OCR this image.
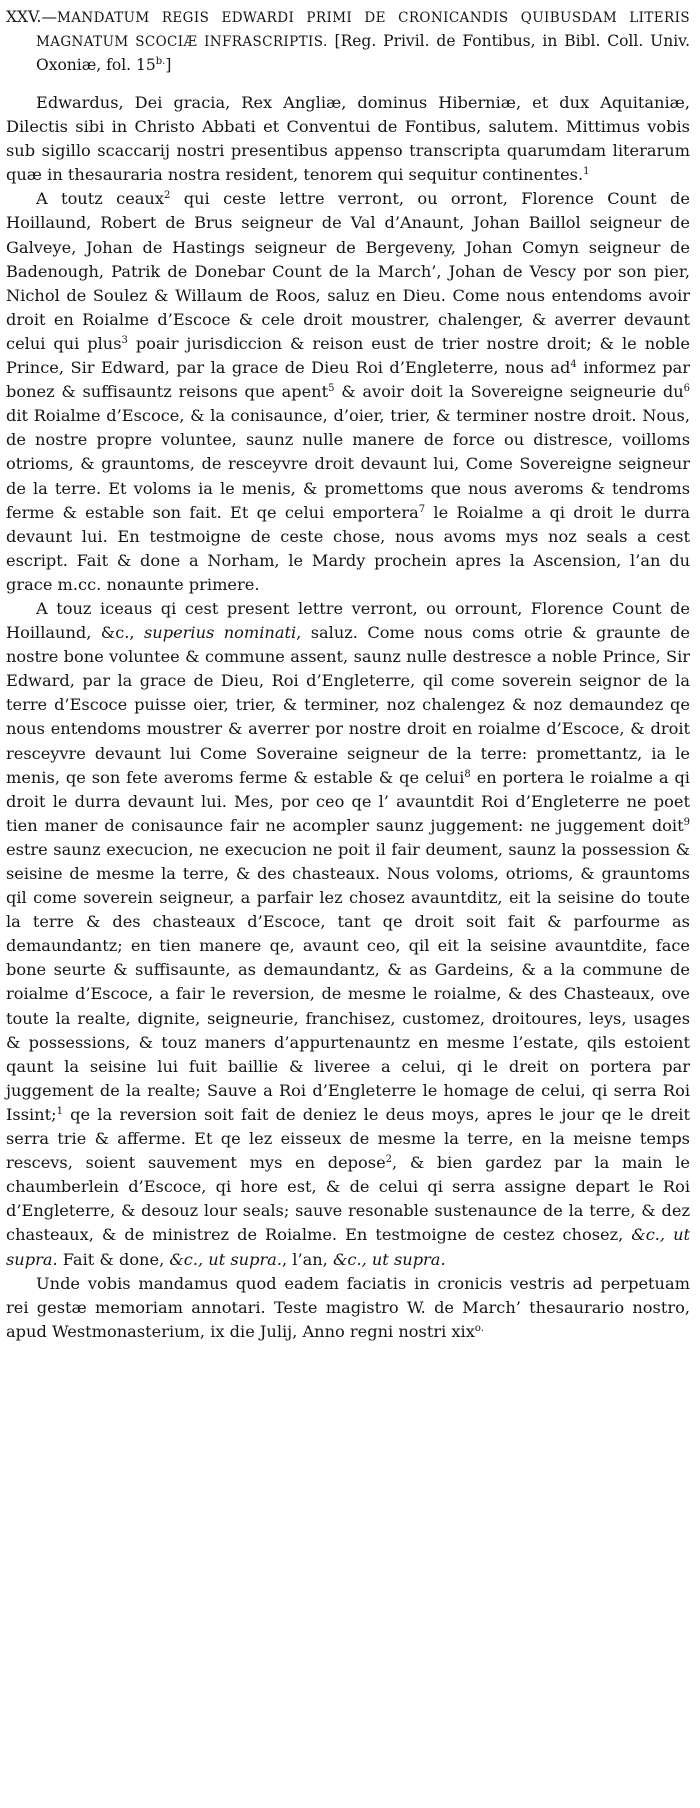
XXV.—MANDATUM REGIS EDWARDI PRIMI DE CRONICANDIS QUIBUSDAM LITERIS MAGNATUM SCOCIÆ INFRASCRIPTIS. [Reg. Privil. de Fontibus, in Bibl. Coll. Univ. Oxoniæ, fol. $15^{b.}$]

Edwardus, Dei gracia, Rex Angliæ, dominus Hiberniæ, et dux Aquitaniæ, Dilectis sibi in Christo Abbati et Conventui de Fontibus, salutem. Mittimus vobis sub sigillo scaccarij nostri presentibus appenso transcripta quarumdam literarum quæ in thesauraria nostra resident, tenorem qui sequitur continentes.$^1$

A toutz ceaux$^2$ qui ceste lettre verront, ou orront, Florence Count de Hoillaund, Robert de Brus seigneur de Val d’Anaunt, Johan Baillol seigneur de Galveye, Johan de Hastings seigneur de Bergeveny, Johan Comyn seigneur de Badenough, Patrik de Donebar Count de la March’, Johan de Vescy por son pier, Nichol de Soulez & Willaum de Roos, saluz en Dieu. Come nous entendoms avoir droit en Roialme d’Escoce & cele droit moustrer, chalenger, & averrer devaunt celui qui plus$^3$ poair jurisdiccion & reison eust de trier nostre droit; & le noble Prince, Sir Edward, par la grace de Dieu Roi d’Engleterre, nous $ad^4$ informez par bonez & suffisauntz reisons que apent$^5$ & avoir doit la Sovereigne seigneurie $du^6$ dit Roialme d’Escoce, & la conisaunce, d’oier, trier, & terminer nostre droit. Nous, de nostre propre voluntee, saunz nulle manere de force ou distresce, voilloms otrioms, & grauntoms, de resceyvre droit devaunt lui, Come Sovereigne seigneur de la terre. Et voloms ia le menis, & promettoms que nous averoms & tendroms ferme & estable son fait. Et qe celui emportera$^7$ le Roialme a qi droit le durra devaunt lui. En testmoigne de ceste chose, nous avoms mys noz seals a cest escript. Fait & done a Norham, le Mardy prochein apres la Ascension, l’an du grace m.cc. nonaunte primere.

A touz iceaus qi cest present lettre verront, ou orrount, Florence Count de Hoillaund, &c., superius nominati, saluz. Come nous coms otrie & graunte de nostre bone voluntee & commune assent, saunz nulle destresce a noble Prince, Sir Edward, par la grace de Dieu, Roi d’Engleterre, qil come soverein seignor de la terre d’Escoce puisse oier, trier, & terminer, noz chalengez & noz demaundez qe nous entendoms moustrer & averrer por nostre droit en roialme d’Escoce, & droit resceyvre devaunt lui Come Soveraine seigneur de la terre: promettantz, ia le menis, qe son fete averoms ferme & estable & qe celui$^8$ en portera le roialme a qi droit le durra devaunt lui. Mes, por ceo qe l’ avauntdit Roi d’Engleterre ne poet tien maner de conisaunce fair ne acompler saunz juggement: ne juggement doit$^9$ estre saunz execucion, ne execucion ne poit il fair deument, saunz la possession & seisine de mesme la terre, & des chasteaux. Nous voloms, otrioms, & grauntoms qil come soverein seigneur, a parfair lez chosez avauntditz, eit la seisine do toute la terre & des chasteaux d’Escoce, tant qe droit soit fait & parfourme as demaundantz; en tien manere qe, avaunt ceo, qil eit la seisine avauntdite, face bone seurte & suffisaunte, as demaundantz, & as Gardeins, & a la commune de roialme d’Escoce, a fair le reversion, de mesme le roialme, & des Chasteaux, ove toute la realte, dignite, seigneurie, franchisez, customez, droitoures, leys, usages & possessions, & touz maners d’appurtenauntz en mesme l’estate, qils estoient qaunt la seisine lui fuit baillie & liveree a celui, qi le dreit on portera par juggement de la realte; Sauve a Roi d’Engleterre le homage de celui, qi serra Roi Issint;$^1$ qe la reversion soit fait de deniez le deus moys, apres le jour qe le dreit serra trie & afferme. Et qe lez eisseux de mesme la terre, en la meisne temps rescevs, soient sauvement mys en depose$^2$, & bien gardez par la main le chaumberlein d’Escoce, qi hore est, & de celui qi serra assigne depart le Roi d’Engleterre, & desouz lour seals; sauve resonable sustenaunce de la terre, & dez chasteaux, & de ministrez de Roialme. En testmoigne de cestez chosez, &c., ut supra. Fait & done, &c., ut supra., l’an, &c., ut supra.

Unde vobis mandamus quod eadem faciatis in cronicis vestris ad perpetuam rei gestæ memoriam annotari. Teste magistro W. de March’ thesaurario nostro, apud Westmonasterium, ix die Julij, Anno regni nostri xix$^{o.}$
